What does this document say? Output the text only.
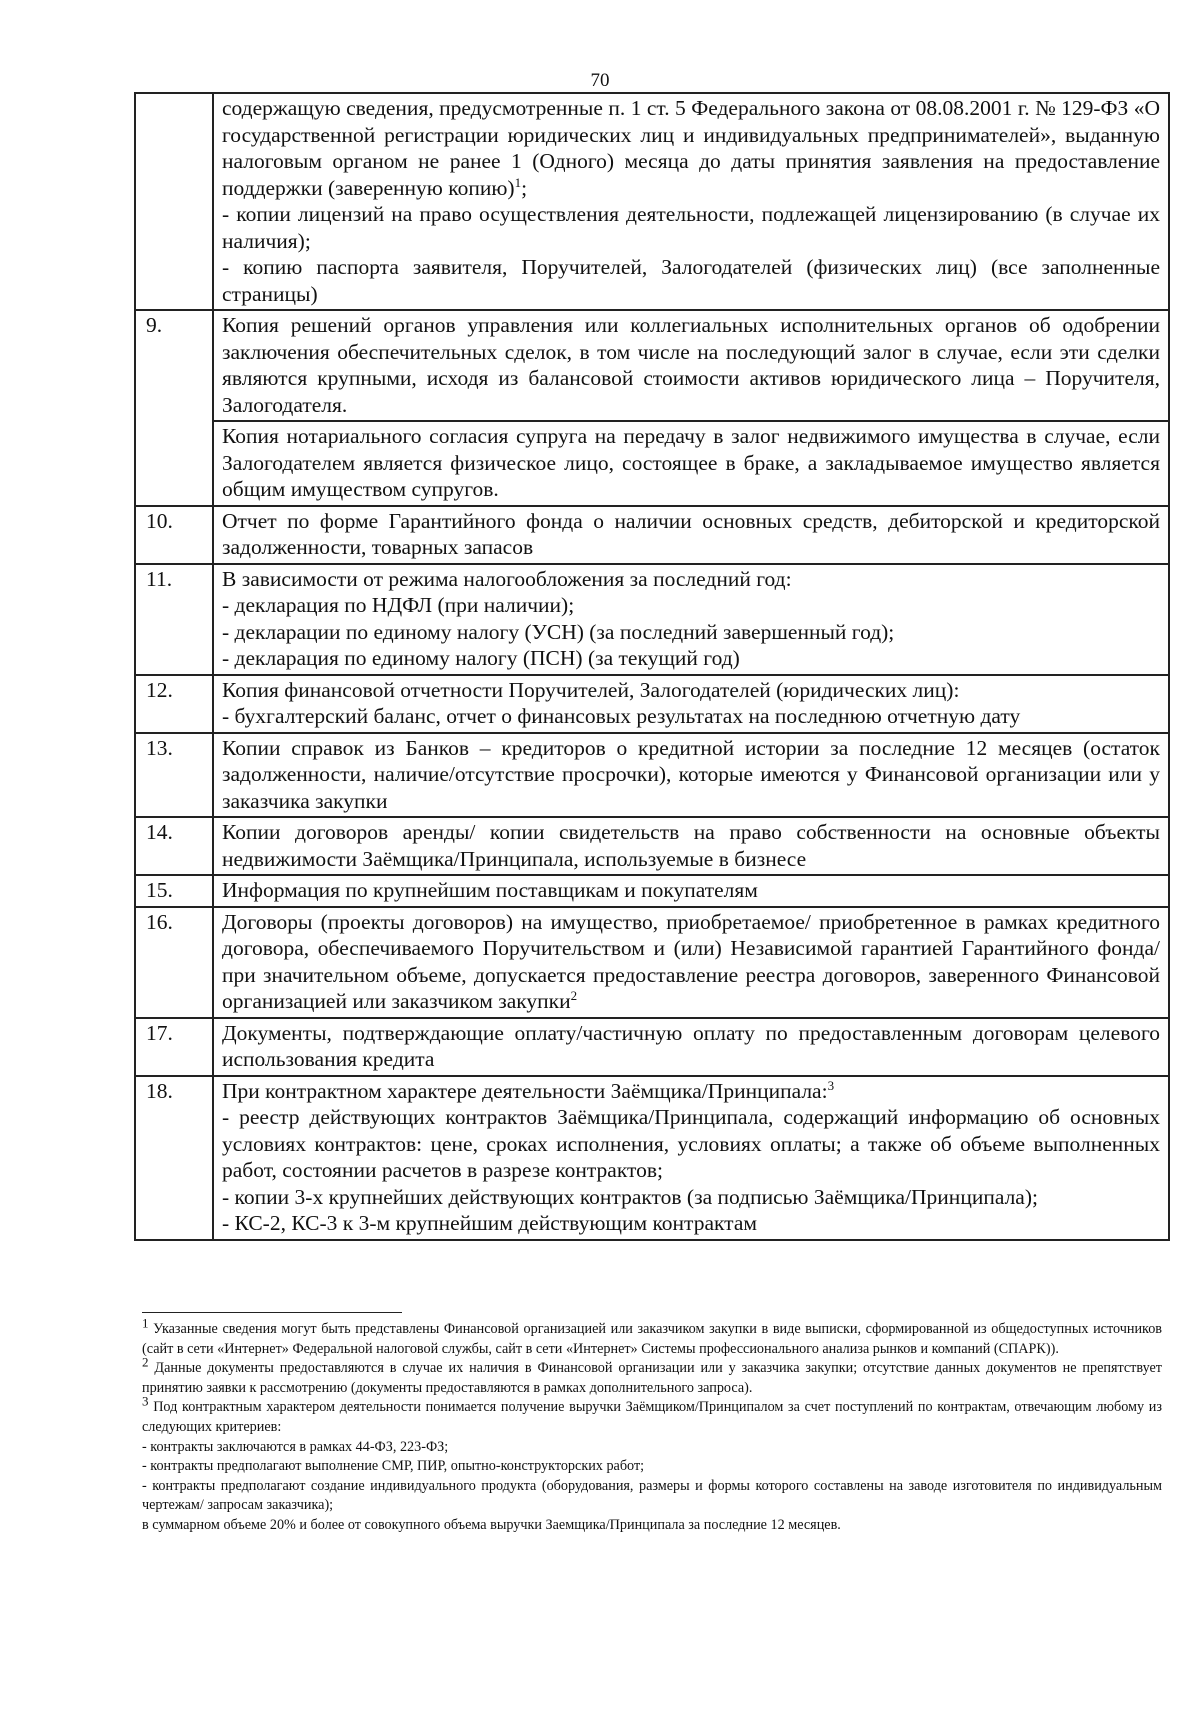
70

	содержащую сведения, предусмотренные п. 1 ст. 5 Федерального закона от 08.08.2001 г. № 129-ФЗ «О государственной регистрации юридических лиц и индивидуальных предпринимателей», выданную налоговым органом не ранее 1 (Одного) месяца до даты принятия заявления на предоставление поддержки (заверенную копию)$^1$;
- копии лицензий на право осуществления деятельности, подлежащей лицензированию (в случае их наличия);
- копию паспорта заявителя, Поручителей, Залогодателей (физических лиц) (все заполненные страницы)

9.	Копия решений органов управления или коллегиальных исполнительных органов об одобрении заключения обеспечительных сделок, в том числе на последующий залог в случае, если эти сделки являются крупными, исходя из балансовой стоимости активов юридического лица – Поручителя, Залогодателя.

	Копия нотариального согласия супруга на передачу в залог недвижимого имущества в случае, если Залогодателем является физическое лицо, состоящее в браке, а закладываемое имущество является общим имуществом супругов.

10.	Отчет по форме Гарантийного фонда о наличии основных средств, дебиторской и кредиторской задолженности, товарных запасов

11.	В зависимости от режима налогообложения за последний год:
- декларация по НДФЛ (при наличии);
- декларации по единому налогу (УСН) (за последний завершенный год);
- декларация по единому налогу (ПСН) (за текущий год)

12.	Копия финансовой отчетности Поручителей, Залогодателей (юридических лиц):
- бухгалтерский баланс, отчет о финансовых результатах на последнюю отчетную дату

13.	Копии справок из Банков – кредиторов о кредитной истории за последние 12 месяцев (остаток задолженности, наличие/отсутствие просрочки), которые имеются у Финансовой организации или у заказчика закупки

14.	Копии договоров аренды/ копии свидетельств на право собственности на основные объекты недвижимости Заёмщика/Принципала, используемые в бизнесе

15.	Информация по крупнейшим поставщикам и покупателям

16.	Договоры (проекты договоров) на имущество, приобретаемое/ приобретенное в рамках кредитного договора, обеспечиваемого Поручительством и (или) Независимой гарантией Гарантийного фонда/ при значительном объеме, допускается предоставление реестра договоров, заверенного Финансовой организацией или заказчиком закупки$^2$

17.	Документы, подтверждающие оплату/частичную оплату по предоставленным договорам целевого использования кредита

18.	При контрактном характере деятельности Заёмщика/Принципала:$^3$
- реестр действующих контрактов Заёмщика/Принципала, содержащий информацию об основных условиях контрактов: цене, сроках исполнения, условиях оплаты; а также об объеме выполненных работ, состоянии расчетов в разрезе контрактов;
- копии 3-х крупнейших действующих контрактов (за подписью Заёмщика/Принципала);
- КС-2, КС-3 к 3-м крупнейшим действующим контрактам

$^1$ Указанные сведения могут быть представлены Финансовой организацией или заказчиком закупки в виде выписки, сформированной из общедоступных источников (сайт в сети «Интернет» Федеральной налоговой службы, сайт в сети «Интернет» Системы профессионального анализа рынков и компаний (СПАРК)).

$^2$ Данные документы предоставляются в случае их наличия в Финансовой организации или у заказчика закупки; отсутствие данных документов не препятствует принятию заявки к рассмотрению (документы предоставляются в рамках дополнительного запроса).

$^3$ Под контрактным характером деятельности понимается получение выручки Заёмщиком/Принципалом за счет поступлений по контрактам, отвечающим любому из следующих критериев:

- контракты заключаются в рамках 44-ФЗ, 223-ФЗ;

- контракты предполагают выполнение СМР, ПИР, опытно-конструкторских работ;

- контракты предполагают создание индивидуального продукта (оборудования, размеры и формы которого составлены на заводе изготовителя по индивидуальным чертежам/ запросам заказчика);

в суммарном объеме 20% и более от совокупного объема выручки Заемщика/Принципала за последние 12 месяцев.
